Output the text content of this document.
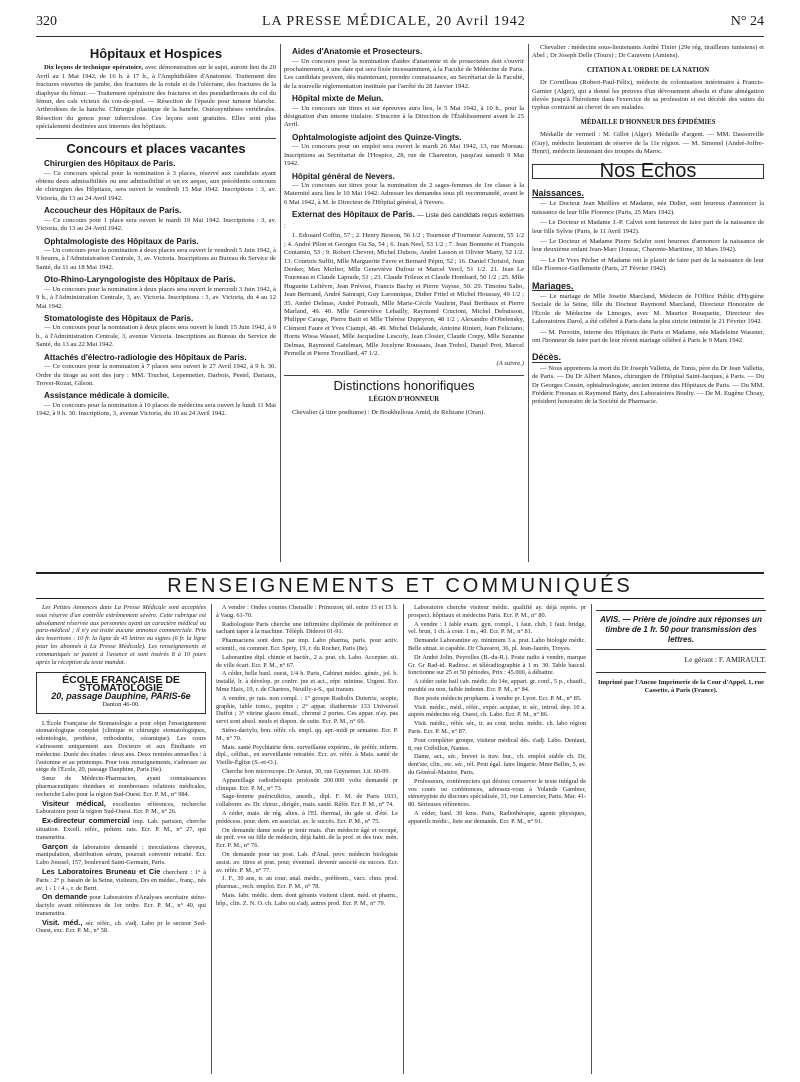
320	LA PRESSE MÉDICALE, 20 Avril 1942	N° 24
Hôpitaux et Hospices

Dix leçons de technique opératoire, avec démonstration sur le sujet, auront lieu du 20 Avril au 1 Mai 1942, de 16 h. à 17 h., à l'Amphithéâtre d'Anatomie. Traitement des fractures ouvertes de jambe, des fractures de la rotule et de l'olécrane, des fractures de la diaphyse du fémur. — Traitement opératoire des fractures et des pseudarthroses du col du fémur, des cals vicieux du cou-de-pied. — Résection de l'épaule pour tumeur blanche. Arthrodèses de la hanche. Chirurgie plastique de la hanche. Ostéosynthèses vertébrales. Résection du genou pour tuberculose. Ces leçons sont gratuites. Elles sont plus spécialement destinées aux internes des hôpitaux.

Concours et places vacantes
Chirurgien des Hôpitaux de Paris.

— Ce concours spécial pour la nomination à 3 places, réservé aux candidats ayant obtenu deux admissibilités ou une admissibilité et un ex aequo, aux précédents concours de chirurgien des Hôpitaux, sera ouvert le vendredi 15 Mai 1942. Inscriptions : 3, av. Victoria, du 13 au 24 Avril 1942.

Accoucheur des Hôpitaux de Paris.

— Ce concours pour 1 place sera ouvert le mardi 19 Mai 1942. Inscriptions : 3, av. Victoria, du 13 au 24 Avril 1942.

Ophtalmologiste des Hôpitaux de Paris.

— Un concours pour la nomination à deux places sera ouvert le vendredi 5 Juin 1942, à 9 heures, à l'Administration Centrale, 3, av. Victoria. Inscriptions au Bureau du Service de Santé, du 11 au 18 Mai 1942.

Oto-Rhino-Laryngologiste des Hôpitaux de Paris.

— Un concours pour la nomination à deux places sera ouvert le mercredi 3 Juin 1942, à 9 h., à l'Administration Centrale, 3, av. Victoria. Inscriptions : 3, av. Victoria, du 4 au 12 Mai 1942.

Stomatologiste des Hôpitaux de Paris.

— Un concours pour la nomination à deux places sera ouvert le lundi 15 Juin 1942, à 9 h., à l'Administration Centrale, 3, avenue Victoria. Inscriptions au Bureau du Service de Santé, du 13 au 22 Mai 1942.

Attachés d'électro-radiologie des Hôpitaux de Paris.

— Ce concours pour la nomination à 7 places sera ouvert le 27 Avril 1942, à 9 h. 30. Ordre du tirage au sort des jury : MM. Truchot, Lepennetier, Darbois, Pestel, Dariaux, Trover-Rozat, Gilson.

Assistance médicale à domicile.

— Un concours pour la nomination à 10 places de médecins sera ouvert le lundi 11 Mai 1942, à 9 h. 30. Inscriptions, 3, avenue Victoria, du 10 au 24 Avril 1942.

Aides d'Anatomie et Prosecteurs.

— Un concours pour la nomination d'aides d'anatomie et de prosecteurs doit s'ouvrir prochainement, à une date qui sera fixée incessamment, à la Faculté de Médecine de Paris. Les candidats peuvent, dès maintenant, prendre connaissance, au Secrétariat de la Faculté, de la nouvelle réglementation instituée par l'arrêté du 28 Janvier 1942.

Hôpital mixte de Melun.

— Un concours sur titres et sur épreuves aura lieu, le 5 Mai 1942, à 10 h., pour la désignation d'un interne titulaire. S'inscrire à la Direction de l'Établissement avant le 25 Avril.

Ophtalmologiste adjoint des Quinze-Vingts.

— Un concours pour un emploi sera ouvert le mardi 26 Mai 1942, 13, rue Moreau. Inscriptions au Secrétariat de l'Hospice, 28, rue de Charenton, jusqu'au samedi 9 Mai 1942.

Hôpital général de Nevers.

— Un concours sur titres pour la nomination de 2 sages-femmes de 1re classe à la Maternité aura lieu le 10 Mai 1942. Adresser les demandes sous pli recommandé, avant le 6 Mai 1942, à M. le Directeur de l'Hôpital général, à Nevers.

Externat des Hôpitaux de Paris. — Liste des candidats reçus externes :

1. Edouard Coffin, 57 ; 2. Henry Besson, 56 1/2 ; Tourneur d'Tourneur Aumont, 55 1/2 ; 4. André Pilon et Georges Gu Sa, 54 ; 6. Jean Neel, 53 1/2 ; 7. Jean Bonnette et François Contamin, 53 ; 9. Robert Chevret, Michel Dubois, André Lasson et Olivier Marty, 52 1/2. 13. Courtois Suffit, Mlle Marguerite Favre et Bernard Pépin, 52 ; 16. Daniel Christol, Jean Denker, Max Merlier, Mlle Geneviève Dufour et Marcel Vercl, 51 1/2. 21. Jean Le Tourneau et Claude Laprade, 51 ; 23. Claude Frileux et Claude Hombard, 50 1/2 ; 25. Mlle Huguette Lelièvre, Jean Prévost, Francis Bachy et Pierre Vaysse, 50. 29. Timotsu Salto, Jean Bertrand, André Sainrapt, Guy Laronnique, Didier Fritel et Michel Houssay, 49 1/2 ; 35. André Delmas, André Poirault, Mlle Marie-Cécile Vaultrin, Paul Berthaux et Pierre Marland, 49. 40. Mlle Geneviève Lebailly, Raymond Crucioni, Michel Debuisson, Philippe Carage, Pierre Batit et Mlle Thérèse Dupeyron, 48 1/2 ; Alexandre d'Obelensky, Clément Faure et Yves Ciampi, 48. 49. Michel Delalande, Antoine Rinieri, Jean Feliciano, Horns Wissa Wassef, Mlle Jacqueline Lescofy, Jean Closier, Claude Crepy, Mlle Suzanne Delmas, Raymond Gatelman, Mlle Jocelyne Roussaes, Jean Trebol, Daniel Prot, Marcel Pernelle et Pierre Trouillard, 47 1/2.

(A suivre.)

Distinctions honorifiques
LÉGION D'HONNEUR

Chevalier (à titre posthume) : Dr Boukhelloua Amid, de Relizane (Oran).

Chevalier : médecins sous-lieutenants André Tixier (29e rég. tirailleurs tunisiens) et Abel ; Dr Joseph Delle (Tours) ; Dr Caravem (Amiens).

CITATION A L'ORDRE DE LA NATION

Dr Cornilleau (Robert-Paul-Félix), médecin de colonisation intérimaire à Francis-Garnier (Alger), qui a donné les preuves d'un dévouement absolu et d'une abnégation élevée jusqu'à l'héroïsme dans l'exercice de sa profession et est décédé des suites du typhus contracté au chevet de ses malades.

MÉDAILLE D'HONNEUR DES ÉPIDÉMIES

Médaille de vermeil : M. Gillot (Alger). Médaille d'argent. — MM. Dassonville (Guy), médecin lieutenant de réserve de la 11e région. — M. Simonel (André-Joffre-Henri), médecin lieutenant des troupes du Maroc.

Nos Echos
Naissances.

— Le Docteur Jean Meillère et Madame, née Didier, sont heureux d'annoncer la naissance de leur fille Florence (Paris, 25 Mars 1942).

— Le Docteur et Madame J.-P. Calvet sont heureux de faire part de la naissance de leur fille Sylvie (Paris, le 11 Avril 1942).

— Le Docteur et Madame Pierre Sclafer sont heureux d'annoncer la naissance de leur deuxième enfant Jean-Marc (Jonzac, Charente-Maritime, 30 Mars 1942).

— Le Dr Yves Pécher et Madame ont le plaisir de faire part de la naissance de leur fille Florence-Guillemette (Paris, 27 Février 1942).

Mariages.

— Le mariage de Mlle Josette Marcland, Médecin de l'Office Public d'Hygiène Sociale de la Seine, fille du Docteur Raymond Marcland, Directeur Honoraire de l'École de Médecine de Limoges, avec M. Maurice Rouquette, Directeur des Laboratoires Darol, a été célébré à Paris dans la plus stricte intimité le 21 Février 1942.

— M. Perrotin, interne des Hôpitaux de Paris et Madame, née Madeleine Wassner, ont l'honneur de faire part de leur récent mariage célébré à Paris le 9 Mars 1942.

Décès.

— Nous apprenons la mort du Dr Joseph Valletta, de Tunis, père du Dr Jean Valletta, de Paris. — Du Dr Albert Manos, chirurgien de l'Hôpital Saint-Jacques, à Paris. — Du Dr Georges Cousin, ophtalmologiste, ancien interne des Hôpitaux de Paris. — Du MM. Frédéric Fresnau et Raymond Barty, des Laboratoires Boulty. — De M. Eugène Choay, président honoraire de la Société de Pharmacie.

RENSEIGNEMENTS ET COMMUNIQUÉS

Les Petites Annonces dans La Presse Médicale sont acceptées sous réserve d'un contrôle extrêmement sévère. Cette rubrique est absolument réservée aux personnes ayant un caractère médical ou para-médical ; il n'y est traité aucune annonce commerciale. Prix des insertions : 10 fr. la ligne de 45 lettres ou signes (6 fr. la ligne pour les abonnés à La Presse Médicale). Les renseignements et communiqués se paient à l'avance et sont insérés 8 à 10 jours après la réception du texte mandat.

ÉCOLE FRANÇAISE DE STOMATOLOGIE
20, passage Dauphine, PARIS-6e
Danton 46-00.

L'École Française de Stomatologie a pour objet l'enseignement stomatologique complet (clinique et chirurgie stomatologiques, odontologie, prothèse, orthodontie, céramique). Les cours s'adressent uniquement aux Docteurs et aux Étudiants en médecine. Durée des études : deux ans. Deux rentrées annuelles : à l'automne et au printemps. Pour tous renseignements, s'adresser au siège de l'École, 20, passage Dauphine, Paris (6e).

Sœur de Médecin-Pharmacien, ayant connaissances pharmaceutiques étendues et nombreuses relations médicales, recherche Labo pour la région Sud-Ouest. Ecr. P. M., n° 984.

Visiteur médical, excellentes références, recherche Laboratoire pour la région Sud-Ouest. Ecr. P. M., n° 26.

Ex-directeur commercial imp. Lab. parisien, cherche situation. Excell. référ., prétent. rais. Ecr. P. M., n° 27, qui transmettra.

Garçon de laboratoire demandé : inoculations cheveux, manipulation, distribution sérum, pourrait convenir retraité. Ecr. Labo Joussel, 157, boulevard Saint-Germain, Paris.

Les Laboratoires Bruneau et Cie cherchent : 1° à Paris : 2° p. bassin de la Seine, visiteurs, Drs en médec., franç., nés av. 1 ‹ 1 / 4 ›, r. de Berri.

On demande pour Laboratoire d'Analyses secrétaire sténo-dactylo avant références de 1er ordre. Ecr. P. M., n° 49, qui transmettra.

Visit. méd., sér. référ., ch. s'adj. Labo pr le secteur Sud-Ouest, exc. Ecr. P. M., n° 58.

A vendre : Ondes courtes Chenaille : Primozon, tél. entre 13 et 15 h. à Vaug. 61-70.

Radiologiste Paris cherche une infirmière diplômée de préférence et sachant taper à la machine. Téléph. Diderot 01-91.

Pharmaciens sont dem. par imp. Labo pharma, paris. pour activ. scientif., ou commer. Ecr. Speiy, 19, r. du Rocher, Paris (8e).

Laborantine dipl. chimie et bactér., 2 a. prat. ch. Labo. Accepter. sit. de ville écart. Ecr. P. M., n° 67.

A céder, belle banl. ouest, 1/4 h. Paris, Cabinet médec. génér., jol. b. installé, lr. à dévelop. pr confrr. jne et act., répr. minime. Urgent. Ecr. Mme Haix, 19, r. de Chartres, Neuilly-s-S., qui transm.

A vendre, pr rais. non compl. : 1° groupe Radiolix Duterrie, scopie, graphie, table tomo., pupitre ; 2° appar. diathermie 133 Universel Duffot ; 3° vitrine glaces émail., chromé 2 portes. Ces appar. n'ay. pas servi sont absol. neufs et dispon. de suite. Ecr. P. M., n° 69.

Sténo-dactylo, bon. référ. ch. empl. qq. apr.-midi pr semaine. Ecr. P. M., n° 70.

Mais. santé Psychiatrie dem. surveillante expérim., de préfér. inferm. dipl., célibat., en surveillante retraitée. Ecr. av. référ. à Mais. santé de Vieille-Église (S.-et-O.).

Cherche bon microscope. Dr Amiot, 30, rue Guynemer. Lit. 60-99.

Appareillage radiothérapie profonde 200.000 volts demandé pr clinique. Ecr. P. M., n° 73.

Sage-femme puéricultrice, anesth., dipl. F. M. de Paris 1933, collaborer. av. Dr. chirur., dirigér., mais. santé. Référ. Ecr. P. M., n° 74.

A céder, mais. de rég. alten. à l'El. thermal, du gde st. d'été. Le prédécess. pour. dem. en associat. av. le succès. Ecr. P. M., n° 75.

On demande dame seule pr tenir mais. d'un médecin âgé et occupé, de préf. vve ou fille de médecin, déjà habit. de la prof. et des trav. mén. Ecr. P. M., n° 76.

On demande pour un post. Lab. d'Anal. prov. médecin biologiste assist. av. titres et prat. pour, éventuel. devenir associé ou succes. Ecr. av. référ. P. M., n° 77.

J. F., 30 ans, tr. au cour. anal. médic., préfèrem., vacc. chns. prod. pharmac., rech. emploi. Ecr. P. M., n° 78.

Mais. fabr. médic. dem. dont gérants visitent client. méd. et pharm., hôp., clin. Z. N. O. ch. Labo ou s'adj. autres prod. Ecr. P. M., n° 79.

Laboratoire cherche visiteur médic. qualifié ay. déjà représ. pr prospect. hôpitaux et médecins Paris. Ecr. P. M., n° 80.

A vendre : 1 table exam. gyn. compl., 1 faut. club, 1 faut. bridge, vel. brun, 1 ch. à cour. 1 m., 40. Ecr. P. M., n° 81.

Demande Laborantine ay. minimum 3 a. prat. Labo biologie médic. Belle situat. si capable. Dr Chavarot, 36, pl. Jean-Jaurès, Troyes.

Dr André Jolin, Peyrolles (B.-du-R.). Poste radio à vendre, marque Gr. Gr Rad-id. Radiosc. et téléradiographie à 1 m. 30. Table bascul. fonctionne sur 25 et 50 périodes, Prix : 45.000, à débattre.

A céder suite bail cab. médic. du 14e, appart. gr. conf., 5 p., chauff., meublé ou non, faible indemn. Ecr. P. M., n° 84.

Bon poste médecin propharm. à vendre pr. Lyon. Ecr. P. M., n° 85.

Visit. médic., méd., référ., expér. acquise, tr. sér., introd. dep. 10 a. auprès médecins rég. Ouest, ch. Labo. Ecr. P. M., n° 86.

Visit. médic., référ. sér., tr. au cour. techn. médic. ch. labo région Paris. Ecr. P. M., n° 87.

Pour compléter groupe, visiteur médical dés. s'adj. Labo. Deniaut, 8, rue Crébillon, Nantes.

Dame, act., sér., brevet is trav. bur., ch. emploi stable ch. Dr, dent'ste, clin., etc. sér., réf. Peut égal. faire lingerie. Mme Bellin, 5, av. du Général-Maistre, Paris.

Professeurs, conférenciers qui désirez conserver le texte intégral de vos cours ou conférences, adressez-vous à Yolande Gambier, sténotypiste du discours spécialisée, 31, rue Lemercier, Paris. Mar. 41-80. Sérieuses références.

A céder, banl. 30 kms. Paris, Radiothérapie, agents physiques, appareils médic., liste sur demande. Ecr. P. M., n° 91.

AVIS. — Prière de joindre aux réponses un timbre de 1 fr. 50 pour transmission des lettres.
Le gérant : F. AMIRAULT.
Imprimé par l'Ancne Imprimerie de la Cour d'Appel, 1, rue Cassette, à Paris (France).
